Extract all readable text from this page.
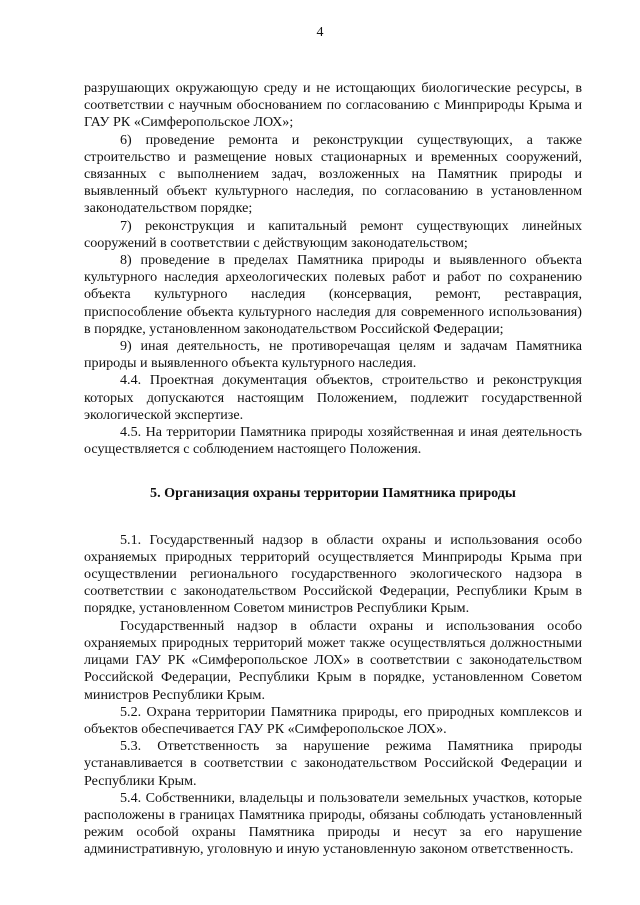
4

разрушающих окружающую среду и не истощающих биологические ресурсы, в соответствии с научным обоснованием по согласованию с Минприроды Крыма и ГАУ РК «Симферопольское ЛОХ»;

6) проведение ремонта и реконструкции существующих, а также строительство и размещение новых стационарных и временных сооружений, связанных с выполнением задач, возложенных на Памятник природы и выявленный объект культурного наследия, по согласованию в установленном законодательством порядке;

7) реконструкция и капитальный ремонт существующих линейных сооружений в соответствии с действующим законодательством;

8) проведение в пределах Памятника природы и выявленного объекта культурного наследия археологических полевых работ и работ по сохранению объекта культурного наследия (консервация, ремонт, реставрация, приспособление объекта культурного наследия для современного использования) в порядке, установленном законодательством Российской Федерации;

9) иная деятельность, не противоречащая целям и задачам Памятника природы и выявленного объекта культурного наследия.

4.4. Проектная документация объектов, строительство и реконструкция которых допускаются настоящим Положением, подлежит государственной экологической экспертизе.

4.5. На территории Памятника природы хозяйственная и иная деятельность осуществляется с соблюдением настоящего Положения.

5. Организация охраны территории Памятника природы

5.1. Государственный надзор в области охраны и использования особо охраняемых природных территорий осуществляется Минприроды Крыма при осуществлении регионального государственного экологического надзора в соответствии с законодательством Российской Федерации, Республики Крым в порядке, установленном Советом министров Республики Крым.

Государственный надзор в области охраны и использования особо охраняемых природных территорий может также осуществляться должностными лицами ГАУ РК «Симферопольское ЛОХ» в соответствии с законодательством Российской Федерации, Республики Крым в порядке, установленном Советом министров Республики Крым.

5.2. Охрана территории Памятника природы, его природных комплексов и объектов обеспечивается ГАУ РК «Симферопольское ЛОХ».

5.3. Ответственность за нарушение режима Памятника природы устанавливается в соответствии с законодательством Российской Федерации и Республики Крым.

5.4. Собственники, владельцы и пользователи земельных участков, которые расположены в границах Памятника природы, обязаны соблюдать установленный режим особой охраны Памятника природы и несут за его нарушение административную, уголовную и иную установленную законом ответственность.
